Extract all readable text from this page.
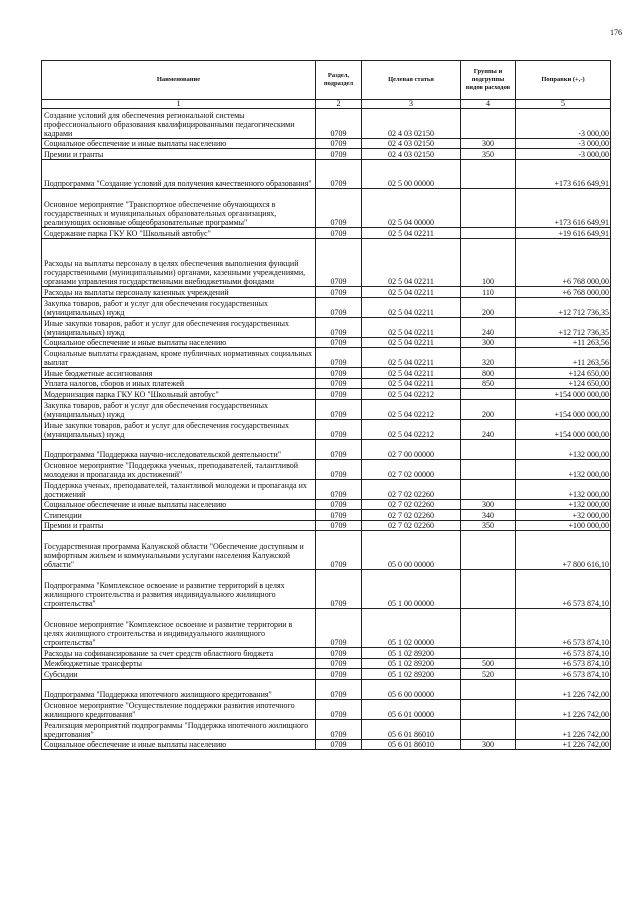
176
Наименование	Раздел, подраздел	Целевая статья	Группы и подгруппы видов расходов	Поправки (+,-)
1	2	3	4	5
Создание условий для обеспечения региональной системы профессионального образования квалифицированными педагогическими кадрами	0709	02 4 03 02150		-3 000,00
Социальное обеспечение и иные выплаты населению	0709	02 4 03 02150	300	-3 000,00
Премии и гранты	0709	02 4 03 02150	350	-3 000,00
Подпрограмма "Создание условий для получения качественного образования"	0709	02 5 00 00000		+173 616 649,91
Основное мероприятие "Транспортное обеспечение обучающихся в государственных и муниципальных образовательных организациях, реализующих основные общеобразовательные программы"	0709	02 5 04 00000		+173 616 649,91
Содержание парка ГКУ КО "Школьный автобус"	0709	02 5 04 02211		+19 616 649,91
Расходы на выплаты персоналу в целях обеспечения выполнения функций государственными (муниципальными) органами, казенными учреждениями, органами управления государственными внебюджетными фондами	0709	02 5 04 02211	100	+6 768 000,00
Расходы на выплаты персоналу казенных учреждений	0709	02 5 04 02211	110	+6 768 000,00
Закупка товаров, работ и услуг для обеспечения государственных (муниципальных) нужд	0709	02 5 04 02211	200	+12 712 736,35
Иные закупки товаров, работ и услуг для обеспечения государственных (муниципальных) нужд	0709	02 5 04 02211	240	+12 712 736,35
Социальное обеспечение и иные выплаты населению	0709	02 5 04 02211	300	+11 263,56
Социальные выплаты гражданам, кроме публичных нормативных социальных выплат	0709	02 5 04 02211	320	+11 263,56
Иные бюджетные ассигнования	0709	02 5 04 02211	800	+124 650,00
Уплата налогов, сборов и иных платежей	0709	02 5 04 02211	850	+124 650,00
Модернизация парка ГКУ КО "Школьный автобус"	0709	02 5 04 02212		+154 000 000,00
Закупка товаров, работ и услуг для обеспечения государственных (муниципальных) нужд	0709	02 5 04 02212	200	+154 000 000,00
Иные закупки товаров, работ и услуг для обеспечения государственных (муниципальных) нужд	0709	02 5 04 02212	240	+154 000 000,00
Подпрограмма "Поддержка научно-исследовательской деятельности"	0709	02 7 00 00000		+132 000,00
Основное мероприятие "Поддержка ученых, преподавателей, талантливой молодежи и пропаганда их достижений"	0709	02 7 02 00000		+132 000,00
Поддержка ученых, преподавателей, талантливой молодежи и пропаганда их достижений	0709	02 7 02 02260		+132 000,00
Социальное обеспечение и иные выплаты населению	0709	02 7 02 02260	300	+132 000,00
Стипендии	0709	02 7 02 02260	340	+32 000,00
Премии и гранты	0709	02 7 02 02260	350	+100 000,00
Государственная программа Калужской области "Обеспечение доступным и комфортным жильем и коммунальными услугами населения Калужской области"	0709	05 0 00 00000		+7 800 616,10
Подпрограмма "Комплексное освоение и развитие территорий в целях жилищного строительства и развития индивидуального жилищного строительства"	0709	05 1 00 00000		+6 573 874,10
Основное мероприятие "Комплексное освоение и развитие территории в целях жилищного строительства и индивидуального жилищного строительства"	0709	05 1 02 00000		+6 573 874,10
Расходы на софинансирование за счет средств областного бюджета	0709	05 1 02 89200		+6 573 874,10
Межбюджетные трансферты	0709	05 1 02 89200	500	+6 573 874,10
Субсидии	0709	05 1 02 89200	520	+6 573 874,10
Подпрограмма "Поддержка ипотечного жилищного кредитования"	0709	05 6 00 00000		+1 226 742,00
Основное мероприятие "Осуществление поддержки развития ипотечного жилищного кредитования"	0709	05 6 01 00000		+1 226 742,00
Реализация мероприятий подпрограммы "Поддержка ипотечного жилищного кредитования"	0709	05 6 01 86010		+1 226 742,00
Социальное обеспечение и иные выплаты населению	0709	05 6 01 86010	300	+1 226 742,00
